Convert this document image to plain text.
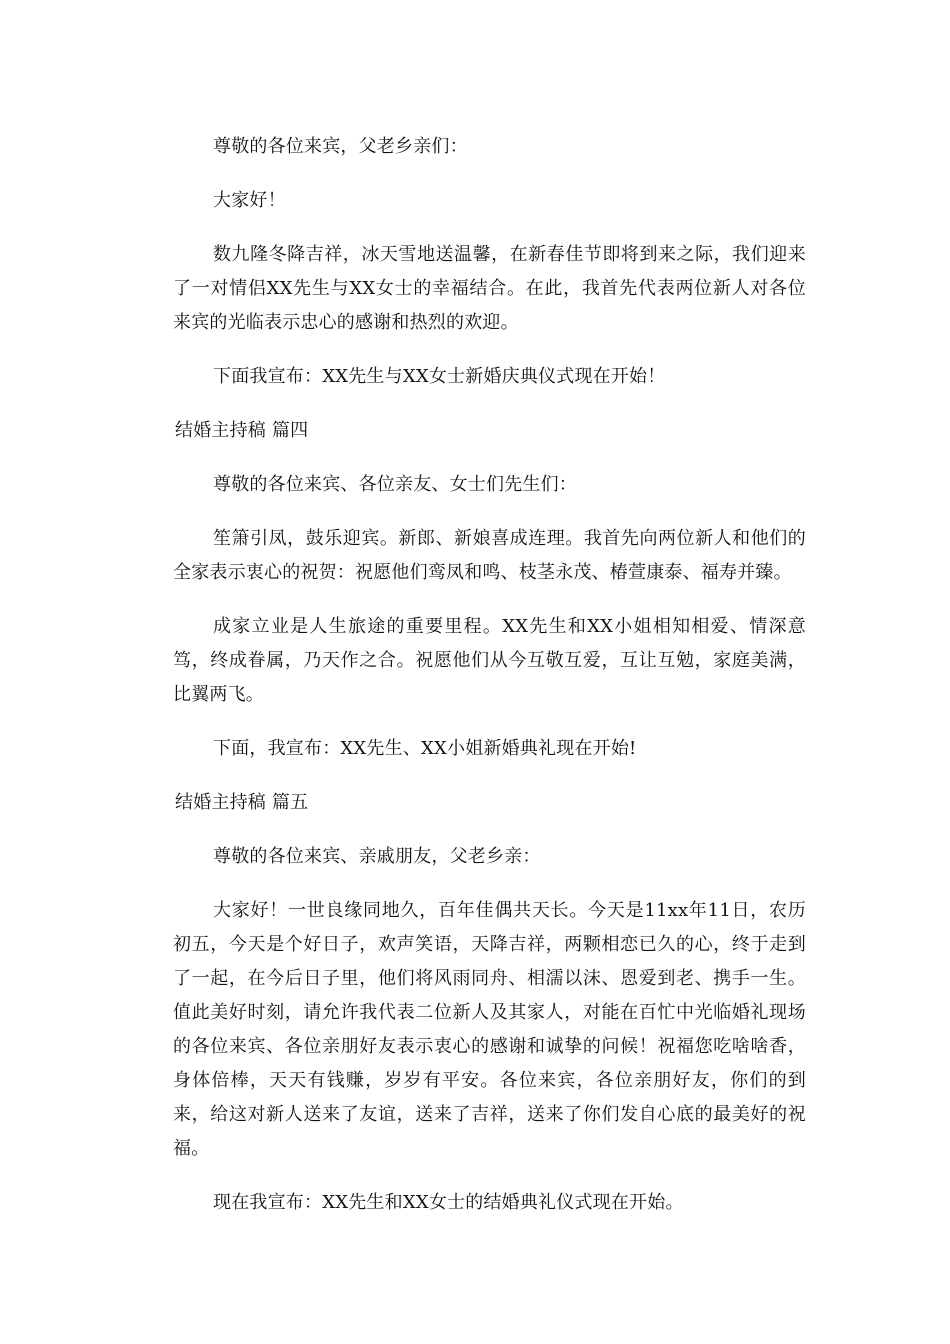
尊敬的各位来宾，父老乡亲们：

大家好！

数九隆冬降吉祥，冰天雪地送温馨，在新春佳节即将到来之际，我们迎来了一对情侣XX先生与XX女士的幸福结合。在此，我首先代表两位新人对各位来宾的光临表示忠心的感谢和热烈的欢迎。

下面我宣布：XX先生与XX女士新婚庆典仪式现在开始！

结婚主持稿 篇四

尊敬的各位来宾、各位亲友、女士们先生们：

笙箫引凤，鼓乐迎宾。新郎、新娘喜成连理。我首先向两位新人和他们的全家表示衷心的祝贺：祝愿他们鸾凤和鸣、枝茎永茂、椿萱康泰、福寿并臻。

成家立业是人生旅途的重要里程。XX先生和XX小姐相知相爱、情深意笃，终成眷属，乃天作之合。祝愿他们从今互敬互爱，互让互勉，家庭美满，比翼两飞。

下面，我宣布：XX先生、XX小姐新婚典礼现在开始!

结婚主持稿 篇五

尊敬的各位来宾、亲戚朋友，父老乡亲：

大家好！一世良缘同地久，百年佳偶共天长。今天是11xx年11日，农历初五，今天是个好日子，欢声笑语，天降吉祥，两颗相恋已久的心，终于走到了一起，在今后日子里，他们将风雨同舟、相濡以沫、恩爱到老、携手一生。值此美好时刻，请允许我代表二位新人及其家人，对能在百忙中光临婚礼现场的各位来宾、各位亲朋好友表示衷心的感谢和诚挚的问候！祝福您吃啥啥香，身体倍棒，天天有钱赚，岁岁有平安。各位来宾，各位亲朋好友，你们的到来，给这对新人送来了友谊，送来了吉祥，送来了你们发自心底的最美好的祝福。

现在我宣布：XX先生和XX女士的结婚典礼仪式现在开始。
